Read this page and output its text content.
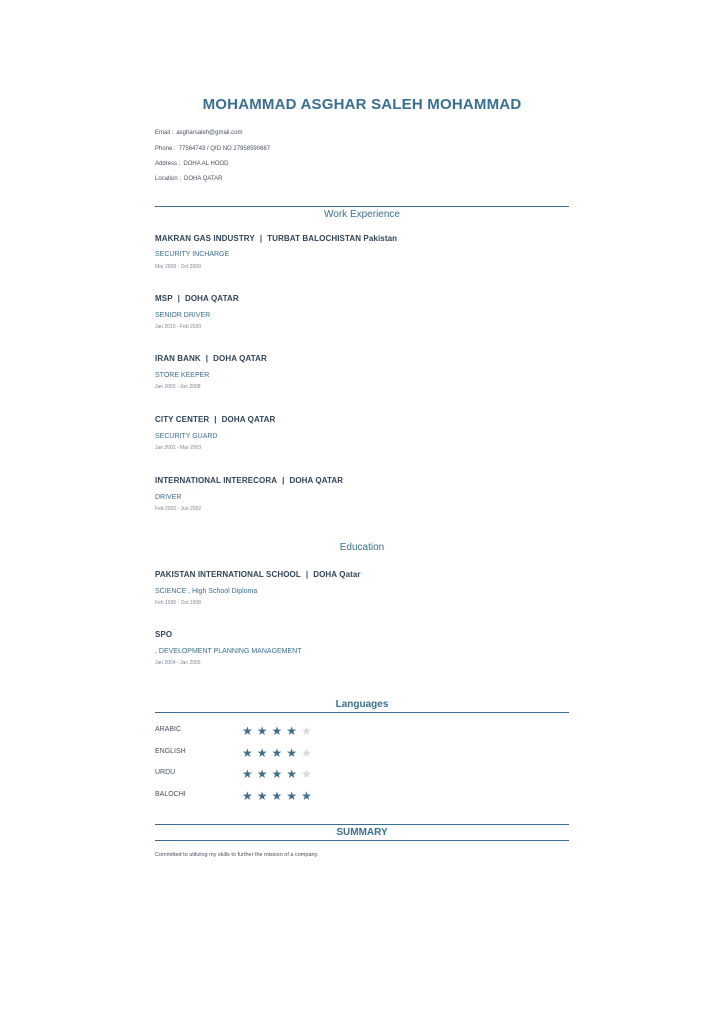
MOHAMMAD ASGHAR SALEH MOHAMMAD
Email : asgharsaleh@gmail.com
Phone : 77564743 / QID NO 27958590687
Address : DOHA AL HOOD
Location : DOHA QATAR
Work Experience
MAKRAN GAS INDUSTRY | TURBAT BALOCHISTAN Pakistan
SECURITY INCHARGE
Mar 2008 - Oct 2009
MSP | DOHA QATAR
SENIOR DRIVER
Jan 2010 - Feb 2020
IRAN BANK | DOHA QATAR
STORE KEEPER
Jan 2003 - Jun 2008
CITY CENTER | DOHA QATAR
SECURITY GUARD
Jan 2001 - Mar 2003
INTERNATIONAL INTERECORA | DOHA QATAR
DRIVER
Feb 2002 - Jun 2002
Education
PAKISTAN INTERNATIONAL SCHOOL | DOHA Qatar
SCIENCE , High School Diploma
Feb 1995 - Oct 1998
SPO
, DEVELOPMENT PLANNING MANAGEMENT
Jan 2004 - Jan 2005
Languages
ARABIC	★★★★★
ENGLISH	★★★★★
URDU	★★★★★
BALOCHI	★★★★★
SUMMARY
Committed to utilizing my skills to further the mission of a company.
